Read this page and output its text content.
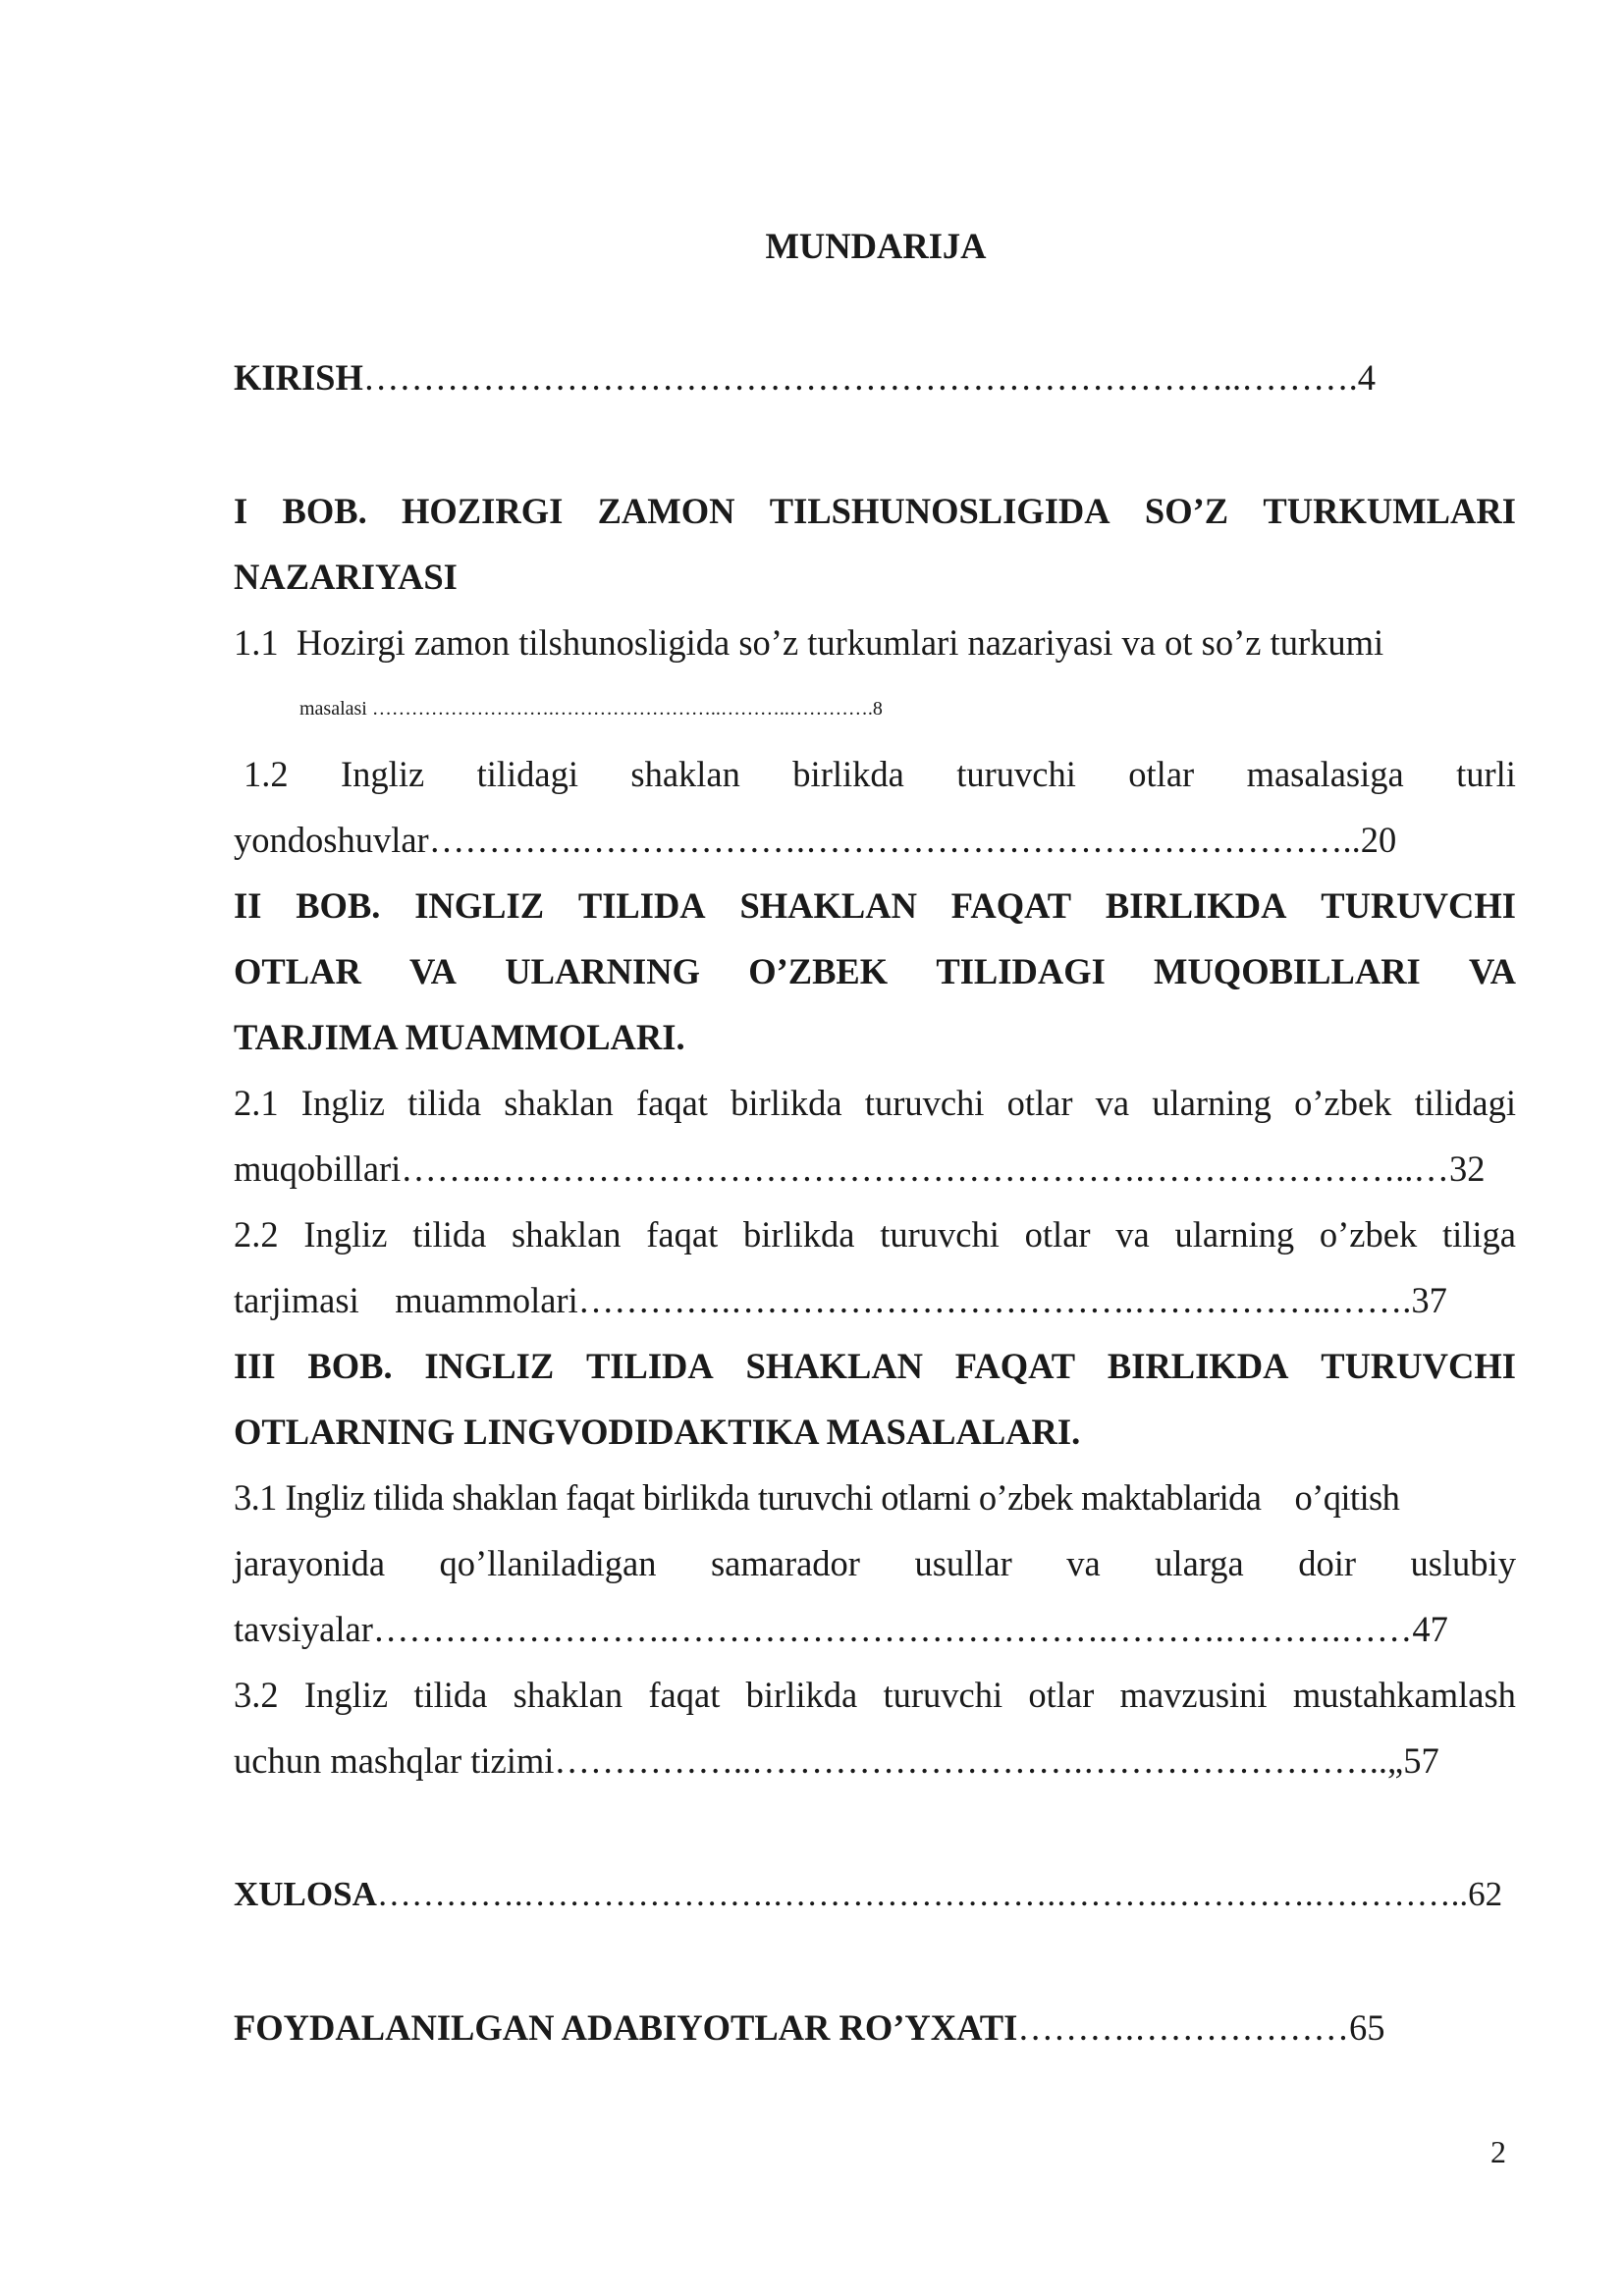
MUNDARIJA
KIRISH………………………………………………………………..……….4
I BOB. HOZIRGI ZAMON TILSHUNOSLIGIDA SO’Z TURKUMLARI
NAZARIYASI
1.1  Hozirgi zamon tilshunosligida so’z turkumlari nazariyasi va ot so’z turkumi
masalasi ……………………….……………………..………..………….8
1.2 Ingliz tilidagi shaklan birlikda turuvchi otlar masalasiga turli
yondoshuvlar………….……………….………………………………………..20
II BOB. INGLIZ TILIDA SHAKLAN FAQAT BIRLIKDA TURUVCHI
OTLAR VA ULARNING O’ZBEK TILIDAGI MUQOBILLARI VA
TARJIMA MUAMMOLARI.
2.1 Ingliz tilida shaklan faqat birlikda turuvchi otlar va ularning o’zbek tilidagi
muqobillari……..……………………………………………….…………………..…32
2.2 Ingliz tilida shaklan faqat birlikda turuvchi otlar va ularning o’zbek tiliga
tarjimasi    muammolari………….…………………………….……………..…….37
III BOB. INGLIZ TILIDA SHAKLAN FAQAT BIRLIKDA TURUVCHI
OTLARNING LINGVODIDAKTIKA MASALALARI.
3.1 Ingliz tilida shaklan faqat birlikda turuvchi otlarni o’zbek maktablarida    o’qitish
jarayonida qo’llaniladigan samarador usullar va ularga doir uslubiy
tavsiyalar…………………….……………………………….……….……….……47
3.2 Ingliz tilida shaklan faqat birlikda turuvchi otlar mavzusini mustahkamlash
uchun mashqlar tizimi……………..……………………….……………………..„57
XULOSA………….………………….…………………….……….………….…………..62
FOYDALANILGAN ADABIYOTLAR RO’YXATI……….………………65
2
